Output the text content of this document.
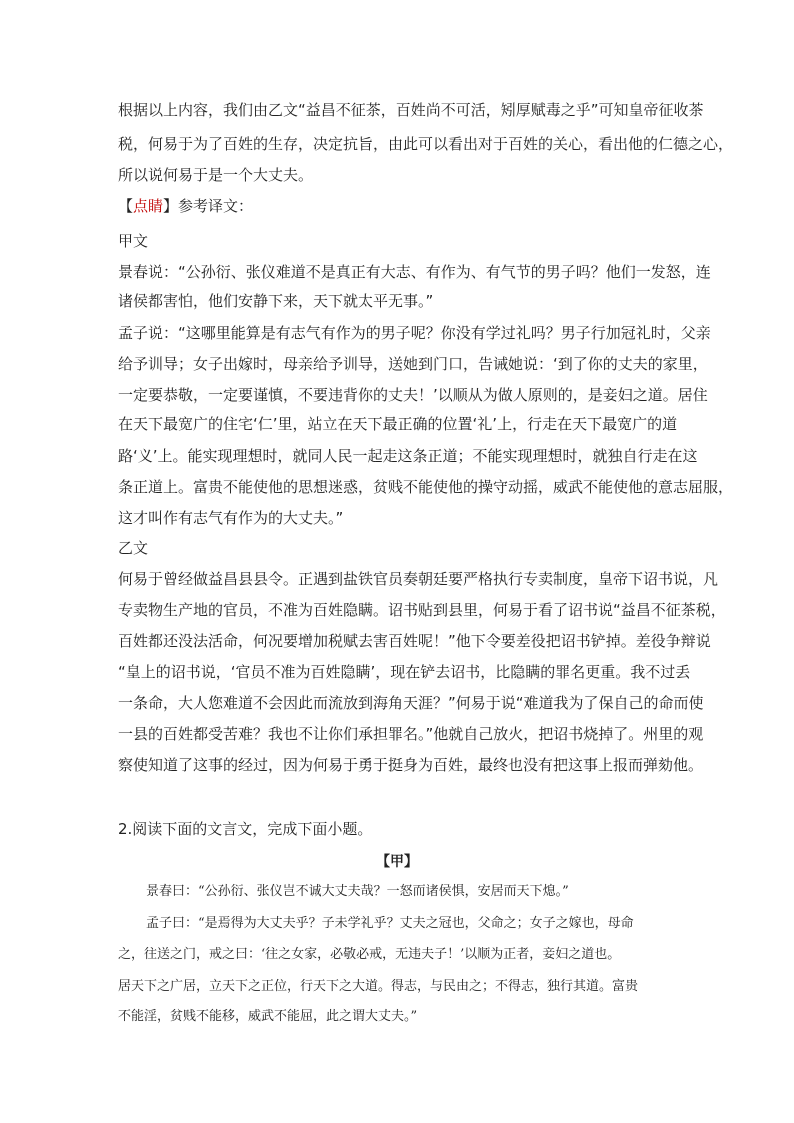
根据以上内容，我们由乙文“益昌不征茶，百姓尚不可活，矧厚赋毒之乎”可知皇帝征收茶
税，何易于为了百姓的生存，决定抗旨，由此可以看出对于百姓的关心，看出他的仁德之心，
所以说何易于是一个大丈夫。
【点睛】参考译文：
甲文
景春说：“公孙衍、张仪难道不是真正有大志、有作为、有气节的男子吗？他们一发怒，连
诸侯都害怕，他们安静下来，天下就太平无事。”
孟子说：“这哪里能算是有志气有作为的男子呢？你没有学过礼吗？男子行加冠礼时，父亲
给予训导；女子出嫁时，母亲给予训导，送她到门口，告诫她说：‘到了你的丈夫的家里，
一定要恭敬，一定要谨慎，不要违背你的丈夫！’以顺从为做人原则的，是妾妇之道。居住
在天下最宽广的住宅‘仁’里，站立在天下最正确的位置‘礼’上，行走在天下最宽广的道
路‘义’上。能实现理想时，就同人民一起走这条正道；不能实现理想时，就独自行走在这
条正道上。富贵不能使他的思想迷惑，贫贱不能使他的操守动摇，威武不能使他的意志屈服，
这才叫作有志气有作为的大丈夫。”
乙文
何易于曾经做益昌县县令。正遇到盐铁官员奏朝廷要严格执行专卖制度，皇帝下诏书说，凡
专卖物生产地的官员，不准为百姓隐瞒。诏书贴到县里，何易于看了诏书说“益昌不征茶税，
百姓都还没法活命，何况要增加税赋去害百姓呢！”他下令要差役把诏书铲掉。差役争辩说
“皇上的诏书说，‘官员不准为百姓隐瞒’，现在铲去诏书，比隐瞒的罪名更重。我不过丢
一条命，大人您难道不会因此而流放到海角天涯？”何易于说“难道我为了保自己的命而使
一县的百姓都受苦难？我也不让你们承担罪名。”他就自己放火，把诏书烧掉了。州里的观
察使知道了这事的经过，因为何易于勇于挺身为百姓，最终也没有把这事上报而弹劾他。
2.阅读下面的文言文，完成下面小题。
【甲】
景春曰：“公孙衍、张仪岂不诚大丈夫哉？一怒而诸侯惧，安居而天下熄。”
孟子曰：“是焉得为大丈夫乎？子未学礼乎？丈夫之冠也，父命之；女子之嫁也，母命
之，往送之门，戒之曰：‘往之女家，必敬必戒，无违夫子！’以顺为正者，妾妇之道也。
居天下之广居，立天下之正位，行天下之大道。得志，与民由之；不得志，独行其道。富贵
不能淫，贫贱不能移，威武不能屈，此之谓大丈夫。”
